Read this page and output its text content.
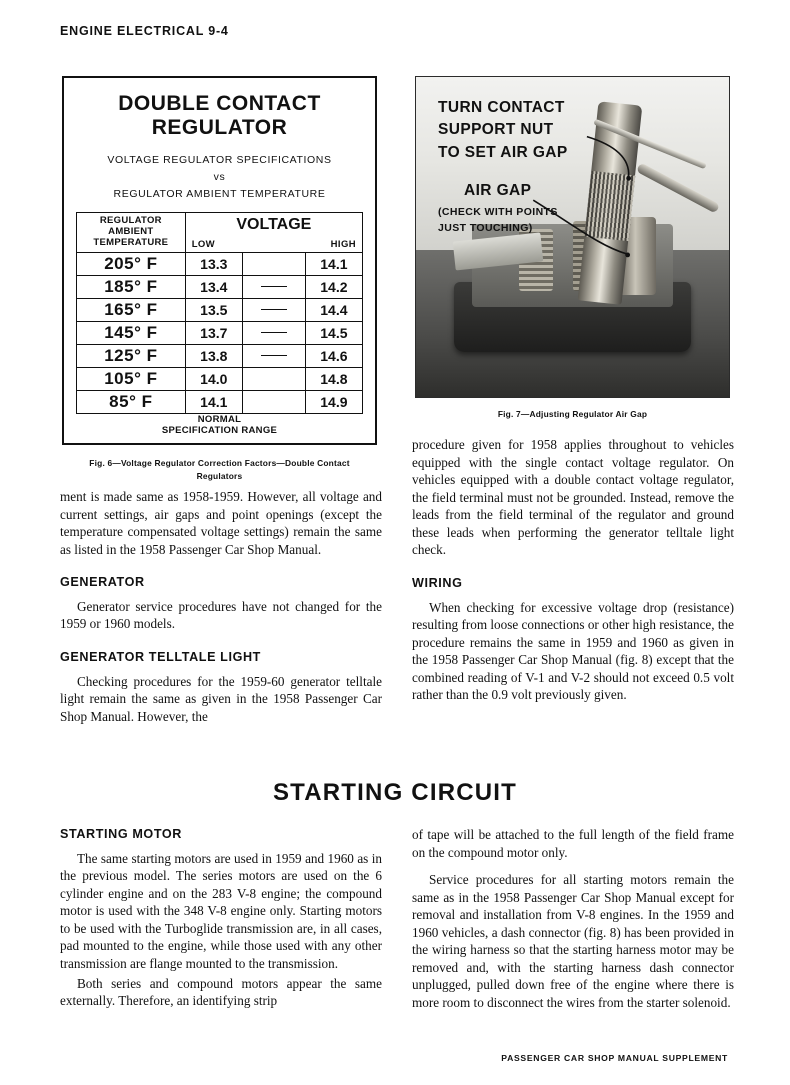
ENGINE ELECTRICAL 9-4
DOUBLE CONTACT REGULATOR
VOLTAGE REGULATOR SPECIFICATIONS
vs
REGULATOR AMBIENT TEMPERATURE
REGULATOR
AMBIENT
TEMPERATURE	VOLTAGE		
	LOW		HIGH
205° F	13.3		14.1
185° F	13.4		14.2
165° F	13.5		14.4
145° F	13.7		14.5
125° F	13.8		14.6
105° F	14.0		14.8
85° F	14.1		14.9
NORMAL
SPECIFICATION RANGE
Fig. 6—Voltage Regulator Correction Factors—Double Contact
Regulators
TURN CONTACT
SUPPORT NUT
TO SET AIR GAP
AIR GAP
(CHECK WITH POINTS
JUST TOUCHING)
Fig. 7—Adjusting Regulator Air Gap

ment is made same as 1958-1959. However, all voltage and current settings, air gaps and point openings (except the temperature compensated voltage settings) remain the same as listed in the 1958 Passenger Car Shop Manual.

GENERATOR

Generator service procedures have not changed for the 1959 or 1960 models.

GENERATOR TELLTALE LIGHT

Checking procedures for the 1959-60 generator telltale light remain the same as given in the 1958 Passenger Car Shop Manual. However, the

procedure given for 1958 applies throughout to vehicles equipped with the single contact voltage regulator. On vehicles equipped with a double contact voltage regulator, the field terminal must not be grounded. Instead, remove the leads from the field terminal of the regulator and ground these leads when performing the generator telltale light check.

WIRING

When checking for excessive voltage drop (resistance) resulting from loose connections or other high resistance, the procedure remains the same in 1959 and 1960 as given in the 1958 Passenger Car Shop Manual (fig. 8) except that the combined reading of V-1 and V-2 should not exceed 0.5 volt rather than the 0.9 volt previously given.

STARTING CIRCUIT
STARTING MOTOR

The same starting motors are used in 1959 and 1960 as in the previous model. The series motors are used on the 6 cylinder engine and on the 283 V-8 engine; the compound motor is used with the 348 V-8 engine only. Starting motors to be used with the Turboglide transmission are, in all cases, pad mounted to the engine, while those used with any other transmission are flange mounted to the transmission.

Both series and compound motors appear the same externally. Therefore, an identifying strip

of tape will be attached to the full length of the field frame on the compound motor only.

Service procedures for all starting motors remain the same as in the 1958 Passenger Car Shop Manual except for removal and installation from V-8 engines. In the 1959 and 1960 vehicles, a dash connector (fig. 8) has been provided in the wiring harness so that the starting harness motor may be removed and, with the starting harness dash connector unplugged, pulled down free of the engine where there is more room to disconnect the wires from the starter solenoid.

PASSENGER CAR SHOP MANUAL SUPPLEMENT
